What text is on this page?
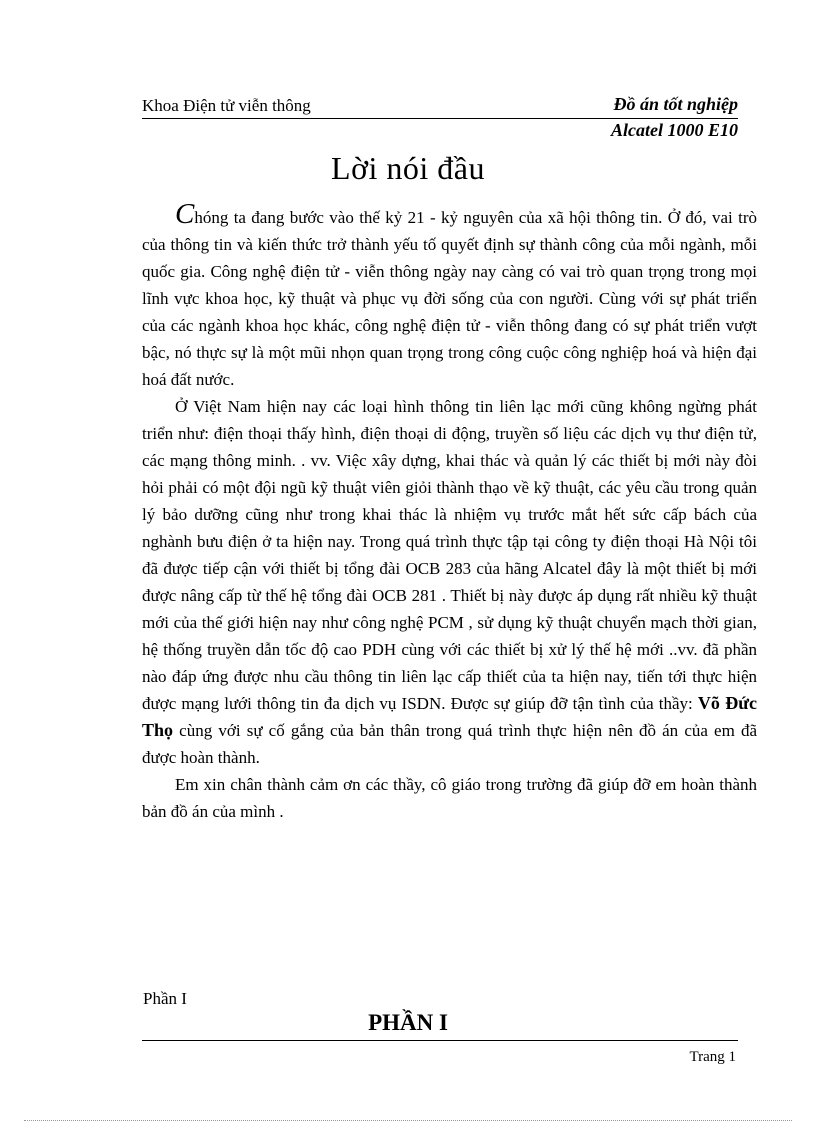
Khoa Điện tử viễn thông	Đồ án tốt nghiệp
Alcatel 1000 E10
Lời nói đầu

Chóng ta đang bước vào thế kỷ 21 - kỷ nguyên của xã hội thông tin. Ở đó, vai trò của thông tin và kiến thức trở thành yếu tố quyết định sự thành công của mỗi ngành, mỗi quốc gia. Công nghệ điện tử - viễn thông ngày nay càng có vai trò quan trọng trong mọi lĩnh vực khoa học, kỹ thuật và phục vụ đời sống của con người. Cùng với sự phát triển của các ngành khoa học khác, công nghệ điện tử - viễn thông đang có sự phát triển vượt bậc, nó thực sự là một mũi nhọn quan trọng trong công cuộc công nghiệp hoá và hiện đại hoá đất nước.

Ở Việt Nam hiện nay các loại hình thông tin liên lạc mới cũng không ngừng phát triển như: điện thoại thấy hình, điện thoại di động, truyền số liệu các dịch vụ thư điện tử, các mạng thông minh. . vv. Việc xây dựng, khai thác và quản lý các thiết bị mới này đòi hỏi phải có một đội ngũ kỹ thuật viên giỏi thành thạo về kỹ thuật, các yêu cầu trong quản lý bảo dưỡng cũng như trong khai thác là nhiệm vụ trước mắt hết sức cấp bách của nghành bưu điện ở ta hiện nay. Trong quá trình thực tập tại công ty điện thoại Hà Nội tôi đã được tiếp cận với thiết bị tổng đài OCB 283 của hãng Alcatel đây là một thiết bị mới được nâng cấp từ thế hệ tổng đài OCB 281 . Thiết bị này được áp dụng rất nhiều kỹ thuật mới của thế giới hiện nay như công nghệ PCM , sử dụng kỹ thuật chuyển mạch thời gian, hệ thống truyền dẫn tốc độ cao PDH cùng với các thiết bị xử lý thế hệ mới ..vv. đã phần nào đáp ứng được nhu cầu thông tin liên lạc cấp thiết của ta hiện nay, tiến tới thực hiện được mạng lưới thông tin đa dịch vụ ISDN. Được sự giúp đỡ tận tình của thầy: Võ Đức Thọ cùng với sự cố gắng của bản thân trong quá trình thực hiện nên đồ án của em đã được hoàn thành.

Em xin chân thành cảm ơn các thầy, cô giáo trong trường đã giúp đỡ em hoàn thành bản đồ án của mình .

Phần I
PHẦN I
Trang 1
